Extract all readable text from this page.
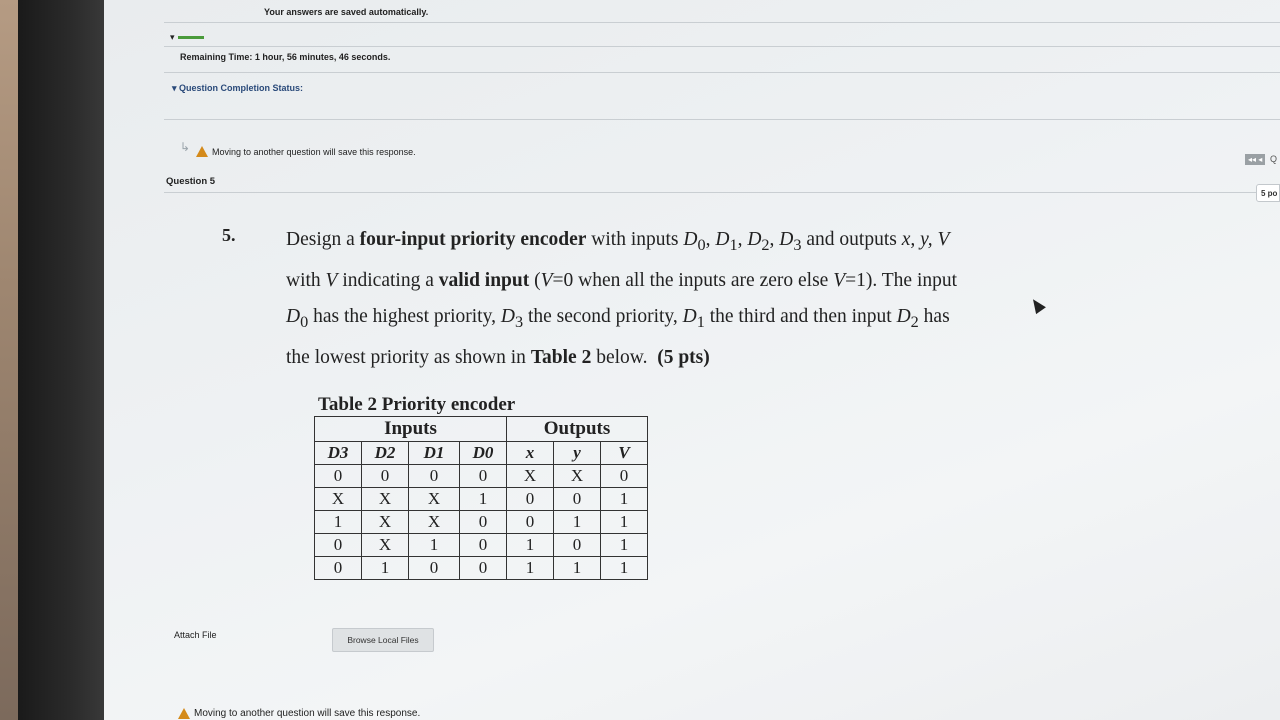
Your answers are saved automatically.
▾
Remaining Time: 1 hour, 56 minutes, 46 seconds.
▾ Question Completion Status:
↳ Moving to another question will save this response.
◂◂ ◂ Q
Question 5
5 po
5.	Design a four-input priority encoder with inputs $D_0$, $D_1$, $D_2$, $D_3$ and outputs x, y, V with V indicating a valid input (V=0 when all the inputs are zero else V=1). The input $D_0$ has the highest priority, $D_3$ the second priority, $D_1$ the third and then input $D_2$ has the lowest priority as shown in Table 2 below. (5 pts)
Table 2 Priority encoder
Inputs				Outputs		
D3	D2	D1	D0	x	y	V
0	0	0	0	X	X	0
X	X	X	1	0	0	1
1	X	X	0	0	1	1
0	X	1	0	1	0	1
0	1	0	0	1	1	1
Attach File	Browse Local Files
Moving to another question will save this response.
